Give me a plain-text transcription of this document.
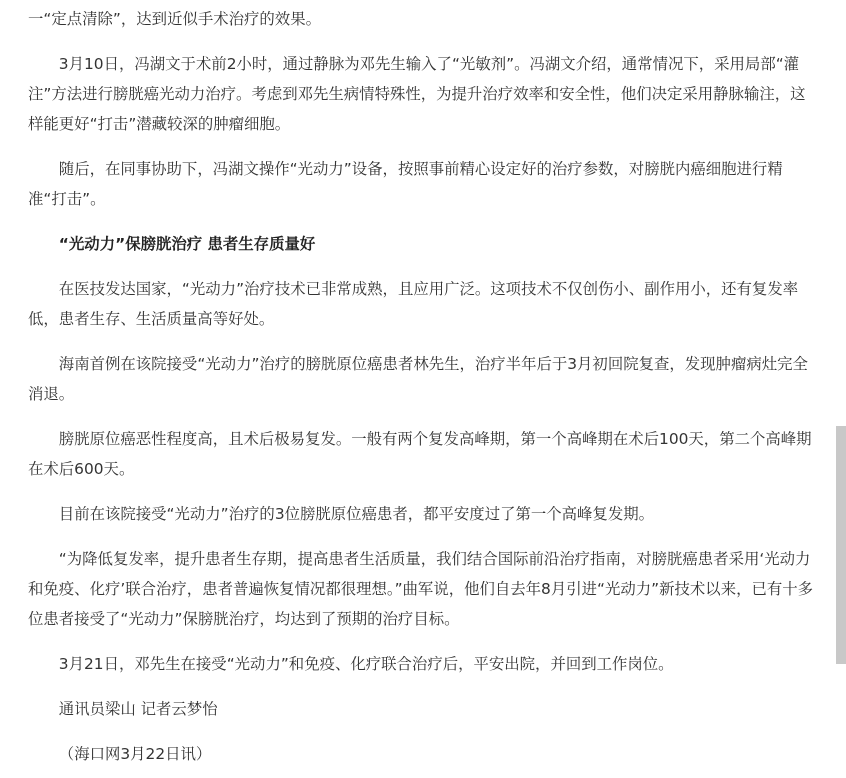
一“定点清除”，达到近似手术治疗的效果。

3月10日，冯湖文于术前2小时，通过静脉为邓先生输入了“光敏剂”。冯湖文介绍，通常情况下，采用局部“灌注”方法进行膀胱癌光动力治疗。考虑到邓先生病情特殊性，为提升治疗效率和安全性，他们决定采用静脉输注，这样能更好“打击”潜藏较深的肿瘤细胞。

随后，在同事协助下，冯湖文操作“光动力”设备，按照事前精心设定好的治疗参数，对膀胱内癌细胞进行精准“打击”。

“光动力”保膀胱治疗 患者生存质量好

在医技发达国家，“光动力”治疗技术已非常成熟，且应用广泛。这项技术不仅创伤小、副作用小，还有复发率低，患者生存、生活质量高等好处。

海南首例在该院接受“光动力”治疗的膀胱原位癌患者林先生，治疗半年后于3月初回院复查，发现肿瘤病灶完全消退。

膀胱原位癌恶性程度高，且术后极易复发。一般有两个复发高峰期，第一个高峰期在术后100天，第二个高峰期在术后600天。

目前在该院接受“光动力”治疗的3位膀胱原位癌患者，都平安度过了第一个高峰复发期。

“为降低复发率，提升患者生存期，提高患者生活质量，我们结合国际前沿治疗指南，对膀胱癌患者采用‘光动力和免疫、化疗’联合治疗，患者普遍恢复情况都很理想。”曲军说，他们自去年8月引进“光动力”新技术以来，已有十多位患者接受了“光动力”保膀胱治疗，均达到了预期的治疗目标。

3月21日，邓先生在接受“光动力”和免疫、化疗联合治疗后，平安出院，并回到工作岗位。

通讯员梁山 记者云梦怡

（海口网3月22日讯）
